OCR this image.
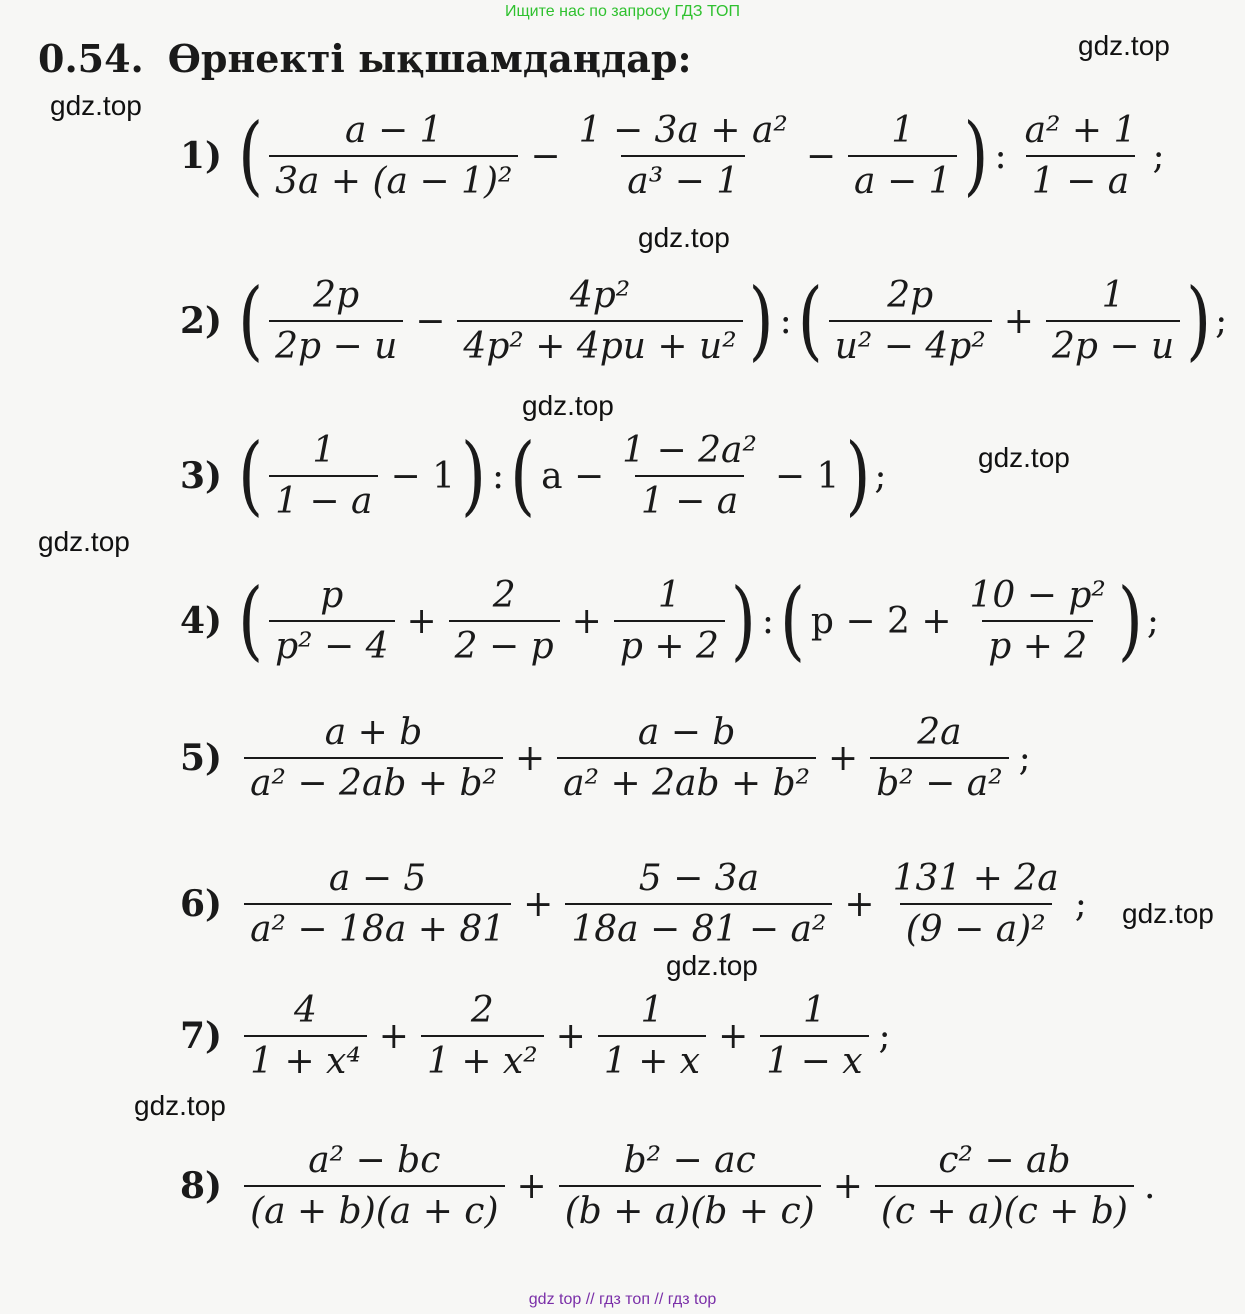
Ищите нас по запросу ГДЗ ТОП
0.54. Өрнекті ықшамдаңдар:	gdz.top
gdz.top
gdz.top
gdz.top
gdz.top
gdz.top
gdz.top
gdz.top
gdz.top
1) ( $\frac{a - 1}{\text{3a + (a − 1)²}} - \frac{\text{1 − 3a + a²}}{\text{a³ − 1}} - \frac{1}{a - 1}$ ) : $\frac{\text{a² + 1}}{1 - a}$ ;
2) ( $\frac{2p}{2p - u} - \frac{\text{4p²}}{\text{4p² + 4pu + u²}}$ ) : ( $\frac{2p}{\text{u² − 4p²}} + \frac{1}{2p - u}$ ) ;
3) ( $\frac{1}{1 - a} - 1$ ) : ( $a - \frac{\text{1 − 2a²}}{1 - a} - 1$ ) ;
4) ( $\frac{p}{\text{p² − 4}} + \frac{2}{2 - p} + \frac{1}{p + 2}$ ) : ( $p - 2 + \frac{\text{10 − p²}}{p + 2}$ ) ;
$5) \frac{a + b}{\text{a² − 2ab + b²}} + \frac{a - b}{\text{a² + 2ab + b²}} + \frac{2a}{\text{b² − a²}}$ ;
$6) \frac{a - 5}{\text{a² − 18a + 81}} + \frac{5 - 3a}{\text{18a − 81 − a²}} + \frac{131 + 2a}{\text{(9 − a)²}}$ ;
$7) \frac{4}{\text{1 + x⁴}} + \frac{2}{\text{1 + x²}} + \frac{1}{1 + x} + \frac{1}{1 - x}$ ;
$8) \frac{\text{a² − bc}}{(a + b)(a + c)} + \frac{\text{b² − ac}}{(b + a)(b + c)} + \frac{\text{c² − ab}}{(c + a)(c + b)}$ .
gdz top // гдз топ // гдз top
